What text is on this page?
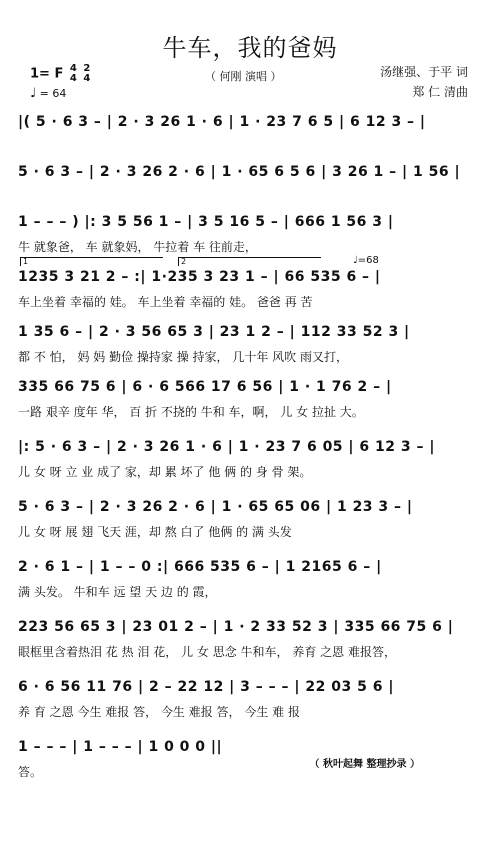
牛车，我的爸妈
（ 何刚 演唱 ）	汤继强、于平 词
郑 仁 清曲
1= F 4
4 2
4
♩ = 64
|( 5 · 6 3 – | 2 · 3 26 1 · 6 | 1 · 23 7 6 5 | 6 12 3 – |
5 · 6 3 – | 2 · 3 26 2 · 6 | 1 · 65 6 5 6 | 3 26 1 – | 1 56 |
1 – – – ) |: 3 5 56 1 – | 3 5 16 5 – | 666 1 56 3 |
牛 就象爸， 车 就象妈， 牛拉着 车 往前走，
1	2	♩=68
1235 3 21 2 – :| 1·235 3 23 1 – | 66 535 6 – |
车上坐着 幸福的 娃。 车上坐着 幸福的 娃。 爸爸 再 苦
1 35 6 – | 2 · 3 56 65 3 | 23 1 2 – | 112 33 52 3 |
都 不 怕， 妈 妈 勤俭 操持家 操 持家， 几十年 风吹 雨又打，
335 66 75 6 | 6 · 6 566 17 6 56 | 1 · 1 76 2 – |
一路 艰辛 度年 华， 百 折 不挠的 牛和 车，啊， 儿 女 拉扯 大。
|: 5 · 6 3 – | 2 · 3 26 1 · 6 | 1 · 23 7 6 05 | 6 12 3 – |
儿 女 呀 立 业 成了 家，却 累 坏了 他 俩 的 身 骨 架。
5 · 6 3 – | 2 · 3 26 2 · 6 | 1 · 65 65 06 | 1 23 3 – |
儿 女 呀 展 翅 飞天 涯，却 熬 白了 他俩 的 满 头发
2 · 6 1 – | 1 – – 0 :| 666 535 6 – | 1 2165 6 – |
满 头发。 牛和车 远 望 天 边 的 霞，
223 56 65 3 | 23 01 2 – | 1 · 2 33 52 3 | 335 66 75 6 |
眼框里含着热泪 花 热 泪 花， 儿 女 思念 牛和车， 养育 之恩 难报答，
6 · 6 56 11 76 | 2 – 22 12 | 3 – – – | 22 03 5 6 |
养 育 之恩 今生 难报 答， 今生 难报 答， 今生 难 报
1 – – – | 1 – – – | 1 0 0 0 ||
答。
（ 秋叶起舞 整理抄录 ）
